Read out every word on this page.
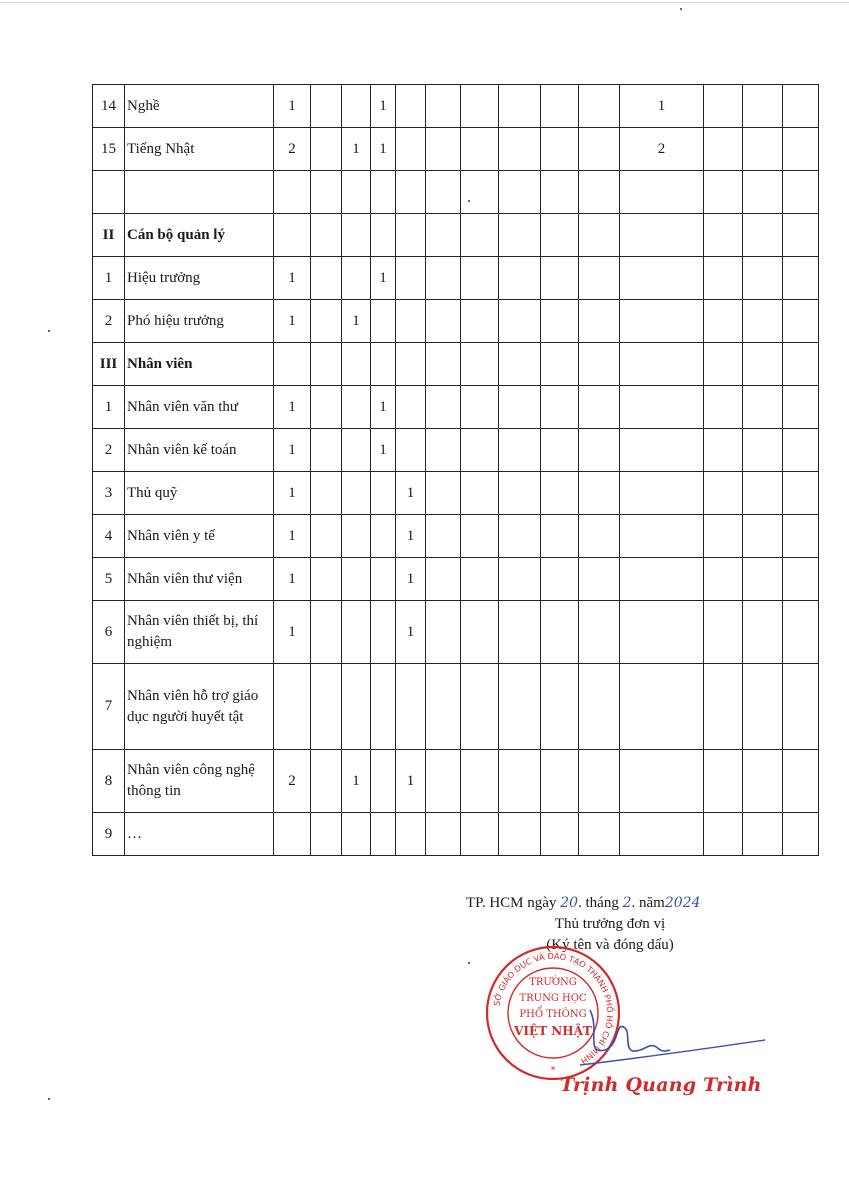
14	Nghề	1			1							1			
15	Tiếng Nhật	2		1	1							2			

II	Cán bộ quản lý														
1	Hiệu trưởng	1			1										
2	Phó hiệu trưởng	1		1											
III	Nhân viên														
1	Nhân viên văn thư	1			1										
2	Nhân viên kế toán	1			1										
3	Thủ quỹ	1				1									
4	Nhân viên y tế	1				1									
5	Nhân viên thư viện	1				1									
6	Nhân viên thiết bị, thí nghiệm	1				1									
7	Nhân viên hỗ trợ giáo dục người huyết tật														
8	Nhân viên công nghệ thông tin	2		1		1									
9	…														
TP. HCM ngày 20. tháng 2. năm2024
Thủ trưởng đơn vị
(Ký tên và đóng dấu)
SỞ GIÁO DỤC VÀ ĐÀO TẠO THÀNH PHỐ HỒ CHÍ MINH
TRƯỜNG
TRUNG HỌC
PHỔ THÔNG
VIỆT NHẬT
*
Trịnh Quang Trình
